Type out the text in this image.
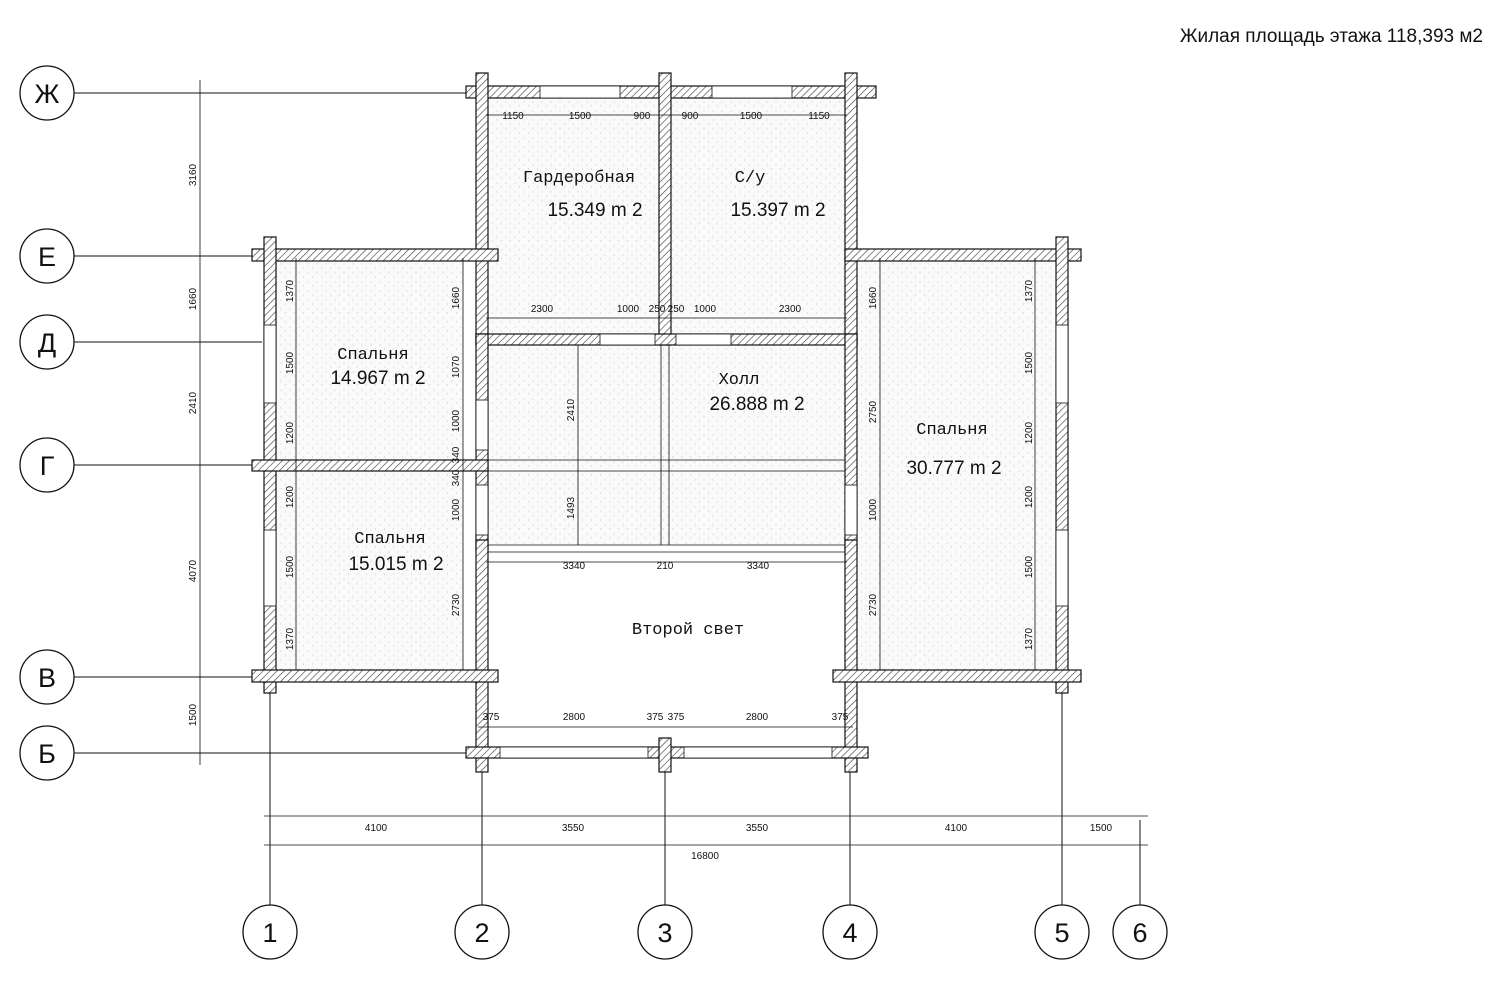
Жилая площадь этажа 118,393 м2
Ж
Е
Д
Г
В
Б
1	2	3	4	5 6
Гардеробная
15.349 m 2
С/у
15.397 m 2
Спальня
14.967 m 2	Холл
26.888 m 2
Спальня
30.777 m 2
Спальня
15.015 m 2
Второй свет
3160
1660
2410
4070
1500
4100	3550	3550	4100	1500
16800
1150	1500	900	900	1500	1150
2300	1000 250 250 1000	2300
2410
1493
3340	210	3340
375	2800	375 375	2800	375
1370
1500
1200
1200
1500
1370
1660
1070
1000
340
340
1000
2730
1660
2750
1000
2730
1370
1500
1200
1200
1500
1370
